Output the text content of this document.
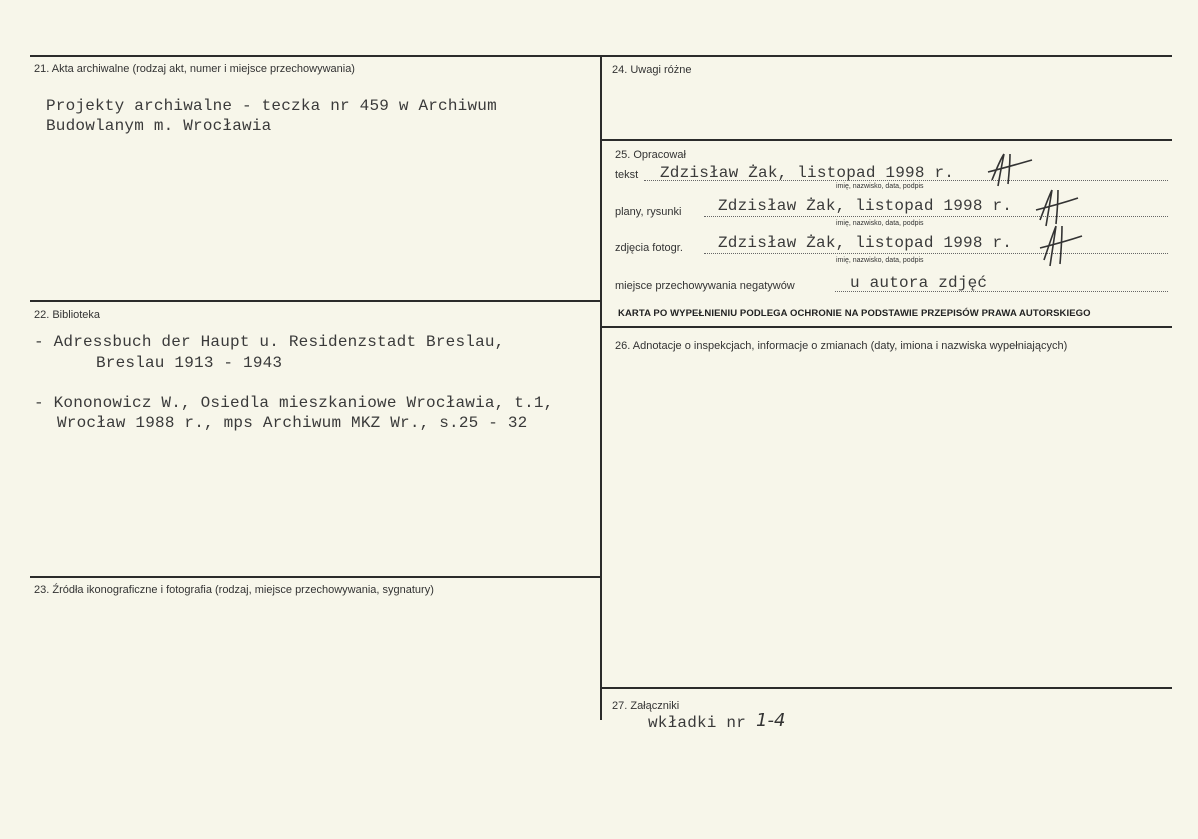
21. Akta archiwalne (rodzaj akt, numer i miejsce przechowywania)
Projekty archiwalne - teczka nr 459 w Archiwum
Budowlanym m. Wrocławia
22. Biblioteka
- Adressbuch der Haupt u. Residenzstadt Breslau,
Breslau 1913 - 1943
- Kononowicz W., Osiedla mieszkaniowe Wrocławia, t.1,
Wrocław 1988 r., mps Archiwum MKZ Wr., s.25 - 32
23. Źródła ikonograficzne i fotografia (rodzaj, miejsce przechowywania, sygnatury)
24. Uwagi różne
25. Opracował
tekst Zdzisław Żak, listopad 1998 r.
imię, nazwisko, data, podpis
plany, rysunki Zdzisław Żak, listopad 1998 r.
imię, nazwisko, data, podpis
zdjęcia fotogr. Zdzisław Żak, listopad 1998 r.
imię, nazwisko, data, podpis
miejsce przechowywania negatywów	u autora zdjęć
KARTA PO WYPEŁNIENIU PODLEGA OCHRONIE NA PODSTAWIE PRZEPISÓW PRAWA AUTORSKIEGO
26. Adnotacje o inspekcjach, informacje o zmianach (daty, imiona i nazwiska wypełniających)
27. Załączniki
wkładki nr 1-4
